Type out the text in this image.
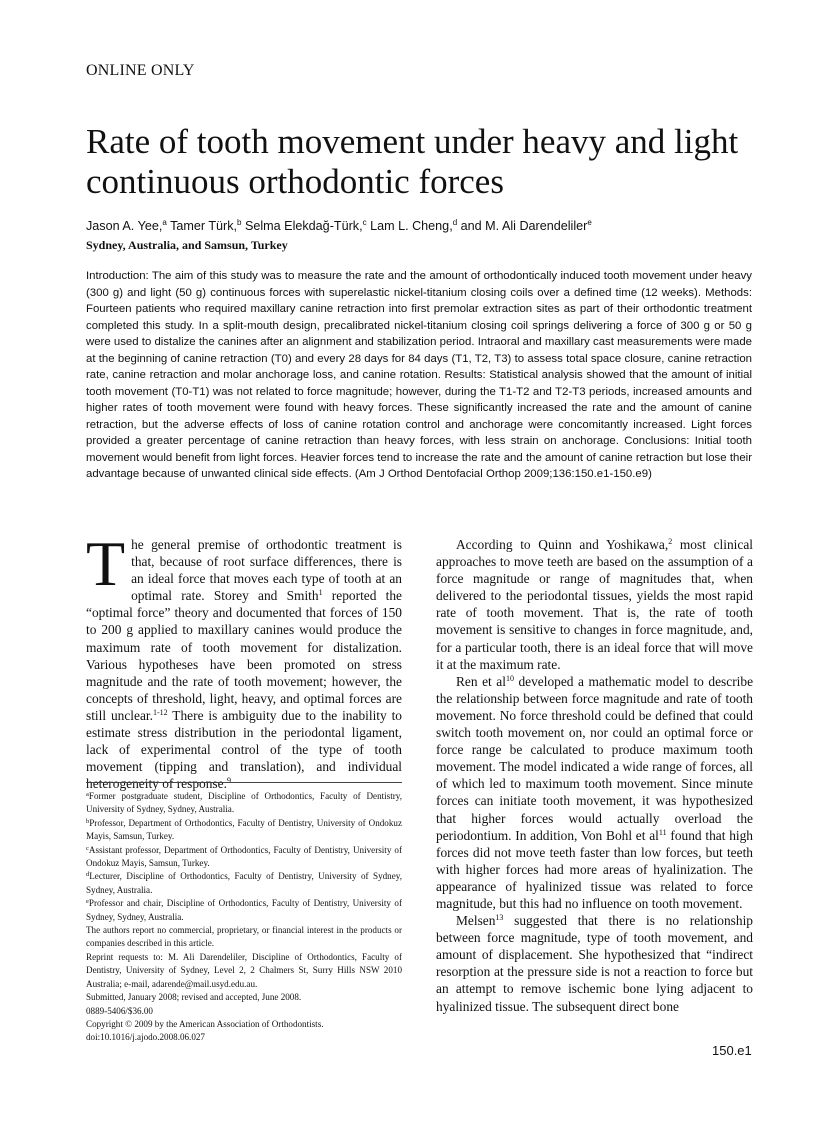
ONLINE ONLY
Rate of tooth movement under heavy and light continuous orthodontic forces
Jason A. Yee,$^a$ Tamer Türk,$^b$ Selma Elekdağ-Türk,$^c$ Lam L. Cheng,$^d$ and M. Ali Darendeliler$^e$
Sydney, Australia, and Samsun, Turkey
Introduction: The aim of this study was to measure the rate and the amount of orthodontically induced tooth movement under heavy (300 g) and light (50 g) continuous forces with superelastic nickel-titanium closing coils over a defined time (12 weeks). Methods: Fourteen patients who required maxillary canine retraction into first premolar extraction sites as part of their orthodontic treatment completed this study. In a split-mouth design, precalibrated nickel-titanium closing coil springs delivering a force of 300 g or 50 g were used to distalize the canines after an alignment and stabilization period. Intraoral and maxillary cast measurements were made at the beginning of canine retraction (T0) and every 28 days for 84 days (T1, T2, T3) to assess total space closure, canine retraction rate, canine retraction and molar anchorage loss, and canine rotation. Results: Statistical analysis showed that the amount of initial tooth movement (T0-T1) was not related to force magnitude; however, during the T1-T2 and T2-T3 periods, increased amounts and higher rates of tooth movement were found with heavy forces. These significantly increased the rate and the amount of canine retraction, but the adverse effects of loss of canine rotation control and anchorage were concomitantly increased. Light forces provided a greater percentage of canine retraction than heavy forces, with less strain on anchorage. Conclusions: Initial tooth movement would benefit from light forces. Heavier forces tend to increase the rate and the amount of canine retraction but lose their advantage because of unwanted clinical side effects. (Am J Orthod Dentofacial Orthop 2009;136:150.e1-150.e9)

The general premise of orthodontic treatment is that, because of root surface differences, there is an ideal force that moves each type of tooth at an optimal rate. Storey and Smith$^1$ reported the “optimal force” theory and documented that forces of 150 to 200 g applied to maxillary canines would produce the maximum rate of tooth movement for distalization. Various hypotheses have been promoted on stress magnitude and the rate of tooth movement; however, the concepts of threshold, light, heavy, and optimal forces are still unclear.$^{1-12}$ There is ambiguity due to the inability to estimate stress distribution in the periodontal ligament, lack of experimental control of the type of tooth movement (tipping and translation), and individual heterogeneity of response.$^9$

$^a$Former postgraduate student, Discipline of Orthodontics, Faculty of Dentistry, University of Sydney, Sydney, Australia.
$^b$Professor, Department of Orthodontics, Faculty of Dentistry, University of Ondokuz Mayis, Samsun, Turkey.
$^c$Assistant professor, Department of Orthodontics, Faculty of Dentistry, University of Ondokuz Mayis, Samsun, Turkey.
$^d$Lecturer, Discipline of Orthodontics, Faculty of Dentistry, University of Sydney, Sydney, Australia.
$^e$Professor and chair, Discipline of Orthodontics, Faculty of Dentistry, University of Sydney, Sydney, Australia.
The authors report no commercial, proprietary, or financial interest in the products or companies described in this article.
Reprint requests to: M. Ali Darendeliler, Discipline of Orthodontics, Faculty of Dentistry, University of Sydney, Level 2, 2 Chalmers St, Surry Hills NSW 2010 Australia; e-mail, adarende@mail.usyd.edu.au.
Submitted, January 2008; revised and accepted, June 2008.
0889-5406/$36.00
Copyright © 2009 by the American Association of Orthodontists.
doi:10.1016/j.ajodo.2008.06.027

According to Quinn and Yoshikawa,$^2$ most clinical approaches to move teeth are based on the assumption of a force magnitude or range of magnitudes that, when delivered to the periodontal tissues, yields the most rapid rate of tooth movement. That is, the rate of tooth movement is sensitive to changes in force magnitude, and, for a particular tooth, there is an ideal force that will move it at the maximum rate.

Ren et $al^{10}$ developed a mathematic model to describe the relationship between force magnitude and rate of tooth movement. No force threshold could be defined that could switch tooth movement on, nor could an optimal force or force range be calculated to produce maximum tooth movement. The model indicated a wide range of forces, all of which led to maximum tooth movement. Since minute forces can initiate tooth movement, it was hypothesized that higher forces would actually overload the periodontium. In addition, Von Bohl et $al^{11}$ found that high forces did not move teeth faster than low forces, but teeth with higher forces had more areas of hyalinization. The appearance of hyalinized tissue was related to force magnitude, but this had no influence on tooth movement.

Melsen$^{13}$ suggested that there is no relationship between force magnitude, type of tooth movement, and amount of displacement. She hypothesized that “indirect resorption at the pressure side is not a reaction to force but an attempt to remove ischemic bone lying adjacent to hyalinized tissue. The subsequent direct bone

150.e1
